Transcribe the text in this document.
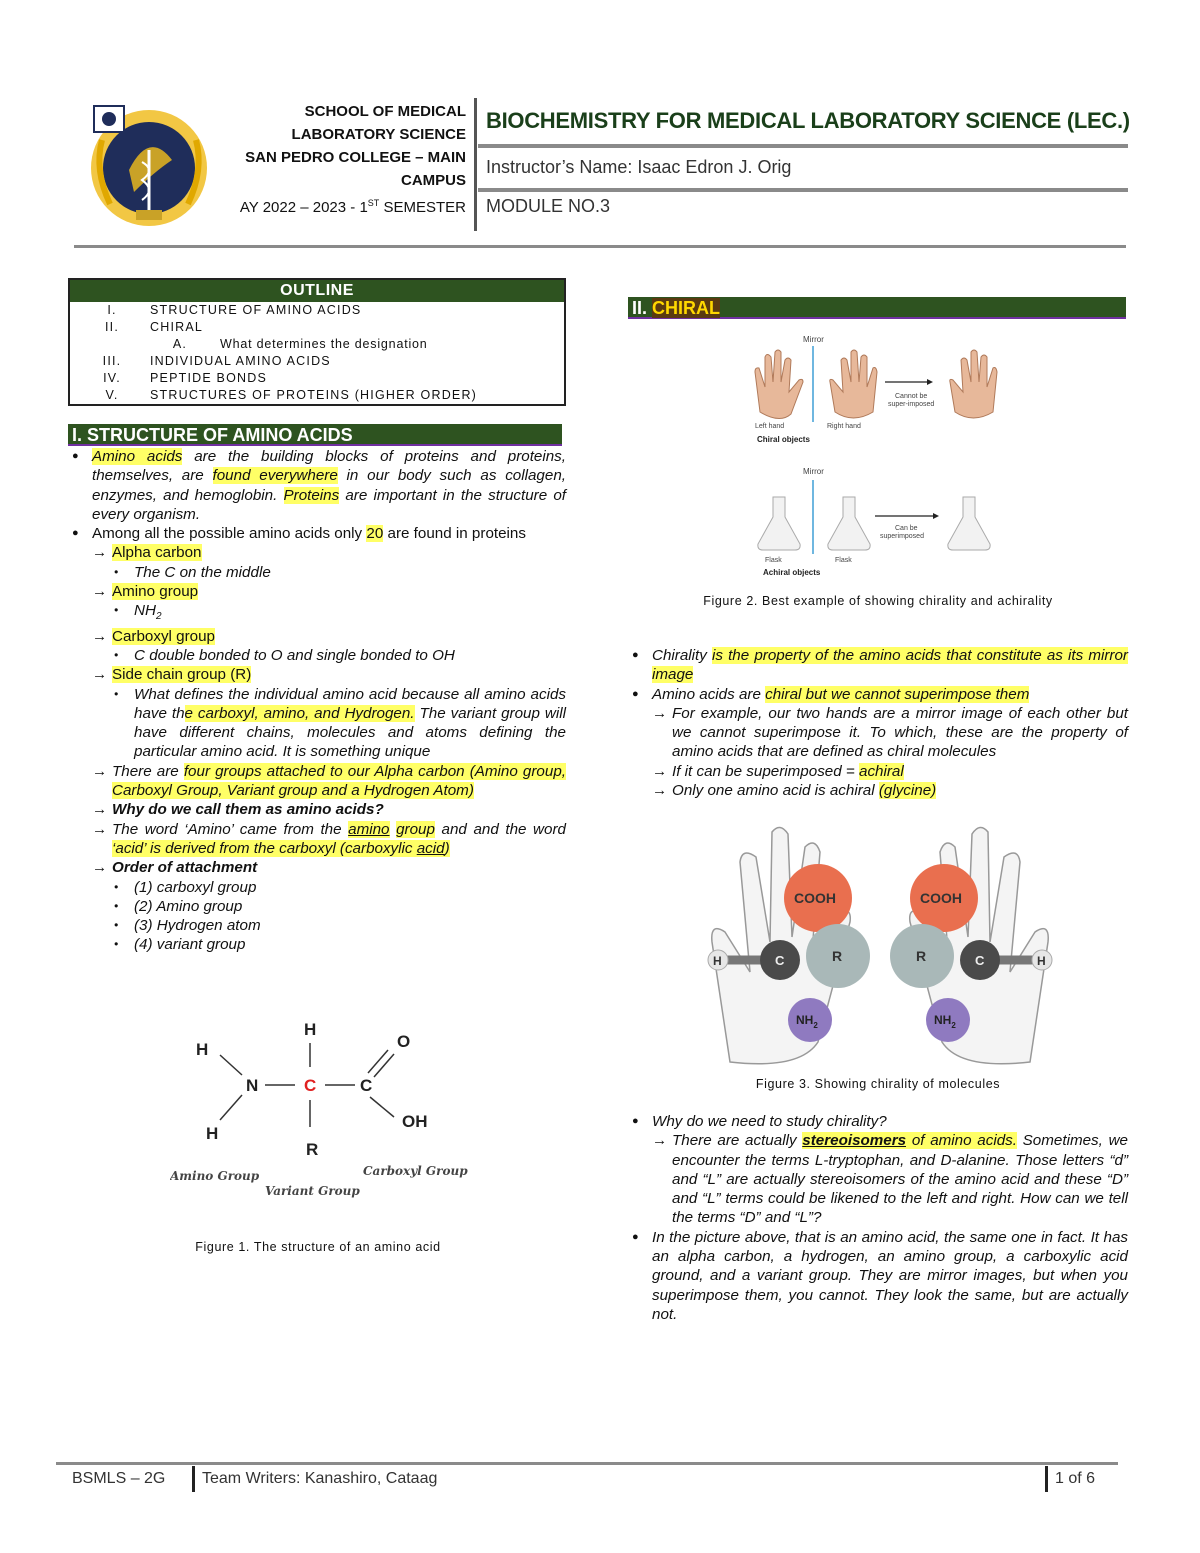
SCHOOL OF MEDICAL
LABORATORY SCIENCE
SAN PEDRO COLLEGE – MAIN
CAMPUS
AY 2022 – 2023 - 1ST SEMESTER
BIOCHEMISTRY FOR MEDICAL LABORATORY SCIENCE (LEC.)
Instructor’s Name: Isaac Edron J. Orig
MODULE NO.3
OUTLINE
I.	STRUCTURE OF AMINO ACIDS
II.	CHIRAL
A.	What determines the designation
III.	INDIVIDUAL AMINO ACIDS
IV.	PEPTIDE BONDS
V.	STRUCTURES OF PROTEINS (HIGHER ORDER)
I. STRUCTURE OF AMINO ACIDS
● Amino acids are the building blocks of proteins and proteins, themselves, are found everywhere in our body such as collagen, enzymes, and hemoglobin. Proteins are important in the structure of every organism.
● Among all the possible amino acids only 20 are found in proteins
→ Alpha carbon
• The C on the middle
→ Amino group
• $NH_2$
→ Carboxyl group
• C double bonded to O and single bonded to OH
→ Side chain group (R)
• What defines the individual amino acid because all amino acids have the carboxyl, amino, and Hydrogen. The variant group will have different chains, molecules and atoms defining the particular amino acid. It is something unique
→ There are four groups attached to our Alpha carbon (Amino group, Carboxyl Group, Variant group and a Hydrogen Atom)
→ Why do we call them as amino acids?
→ The word ‘Amino’ came from the amino group and and the word ‘acid’ is derived from the carboxyl (carboxylic acid)
→ Order of attachment
• (1) carboxyl group
• (2) Amino group
• (3) Hydrogen atom
• (4) variant group
H
H
N	C	C
O
OH
H
R
Amino Group
Variant Group
Carboxyl Group
Figure 1. The structure of an amino acid
II. CHIRAL
Mirror
Cannot be
super-imposed
Left hand	Right hand
Chiral objects
Mirror
Can be
superimposed
Flask	Flask
Achiral objects
Figure 2. Best example of showing chirality and achirality
● Chirality is the property of the amino acids that constitute as its mirror image
● Amino acids are chiral but we cannot superimpose them
→ For example, our two hands are a mirror image of each other but we cannot superimpose it. To which, these are the property of amino acids that are defined as chiral molecules
→ If it can be superimposed = achiral
→ Only one amino acid is achiral (glycine)
H
COOH
C	R
$NH_2$
H
COOH
C
R
$NH_2$
Figure 3. Showing chirality of molecules
● Why do we need to study chirality?
→ There are actually stereoisomers of amino acids. Sometimes, we encounter the terms L-tryptophan, and D-alanine. Those letters “d” and “L” are actually stereoisomers of the amino acid and these “D” and “L” terms could be likened to the left and right. How can we tell the terms “D” and “L”?
● In the picture above, that is an amino acid, the same one in fact. It has an alpha carbon, a hydrogen, an amino group, a carboxylic acid ground, and a variant group. They are mirror images, but when you superimpose them, you cannot. They look the same, but are actually not.
BSMLS – 2G Team Writers: Kanashiro, Cataag	1 of 6
